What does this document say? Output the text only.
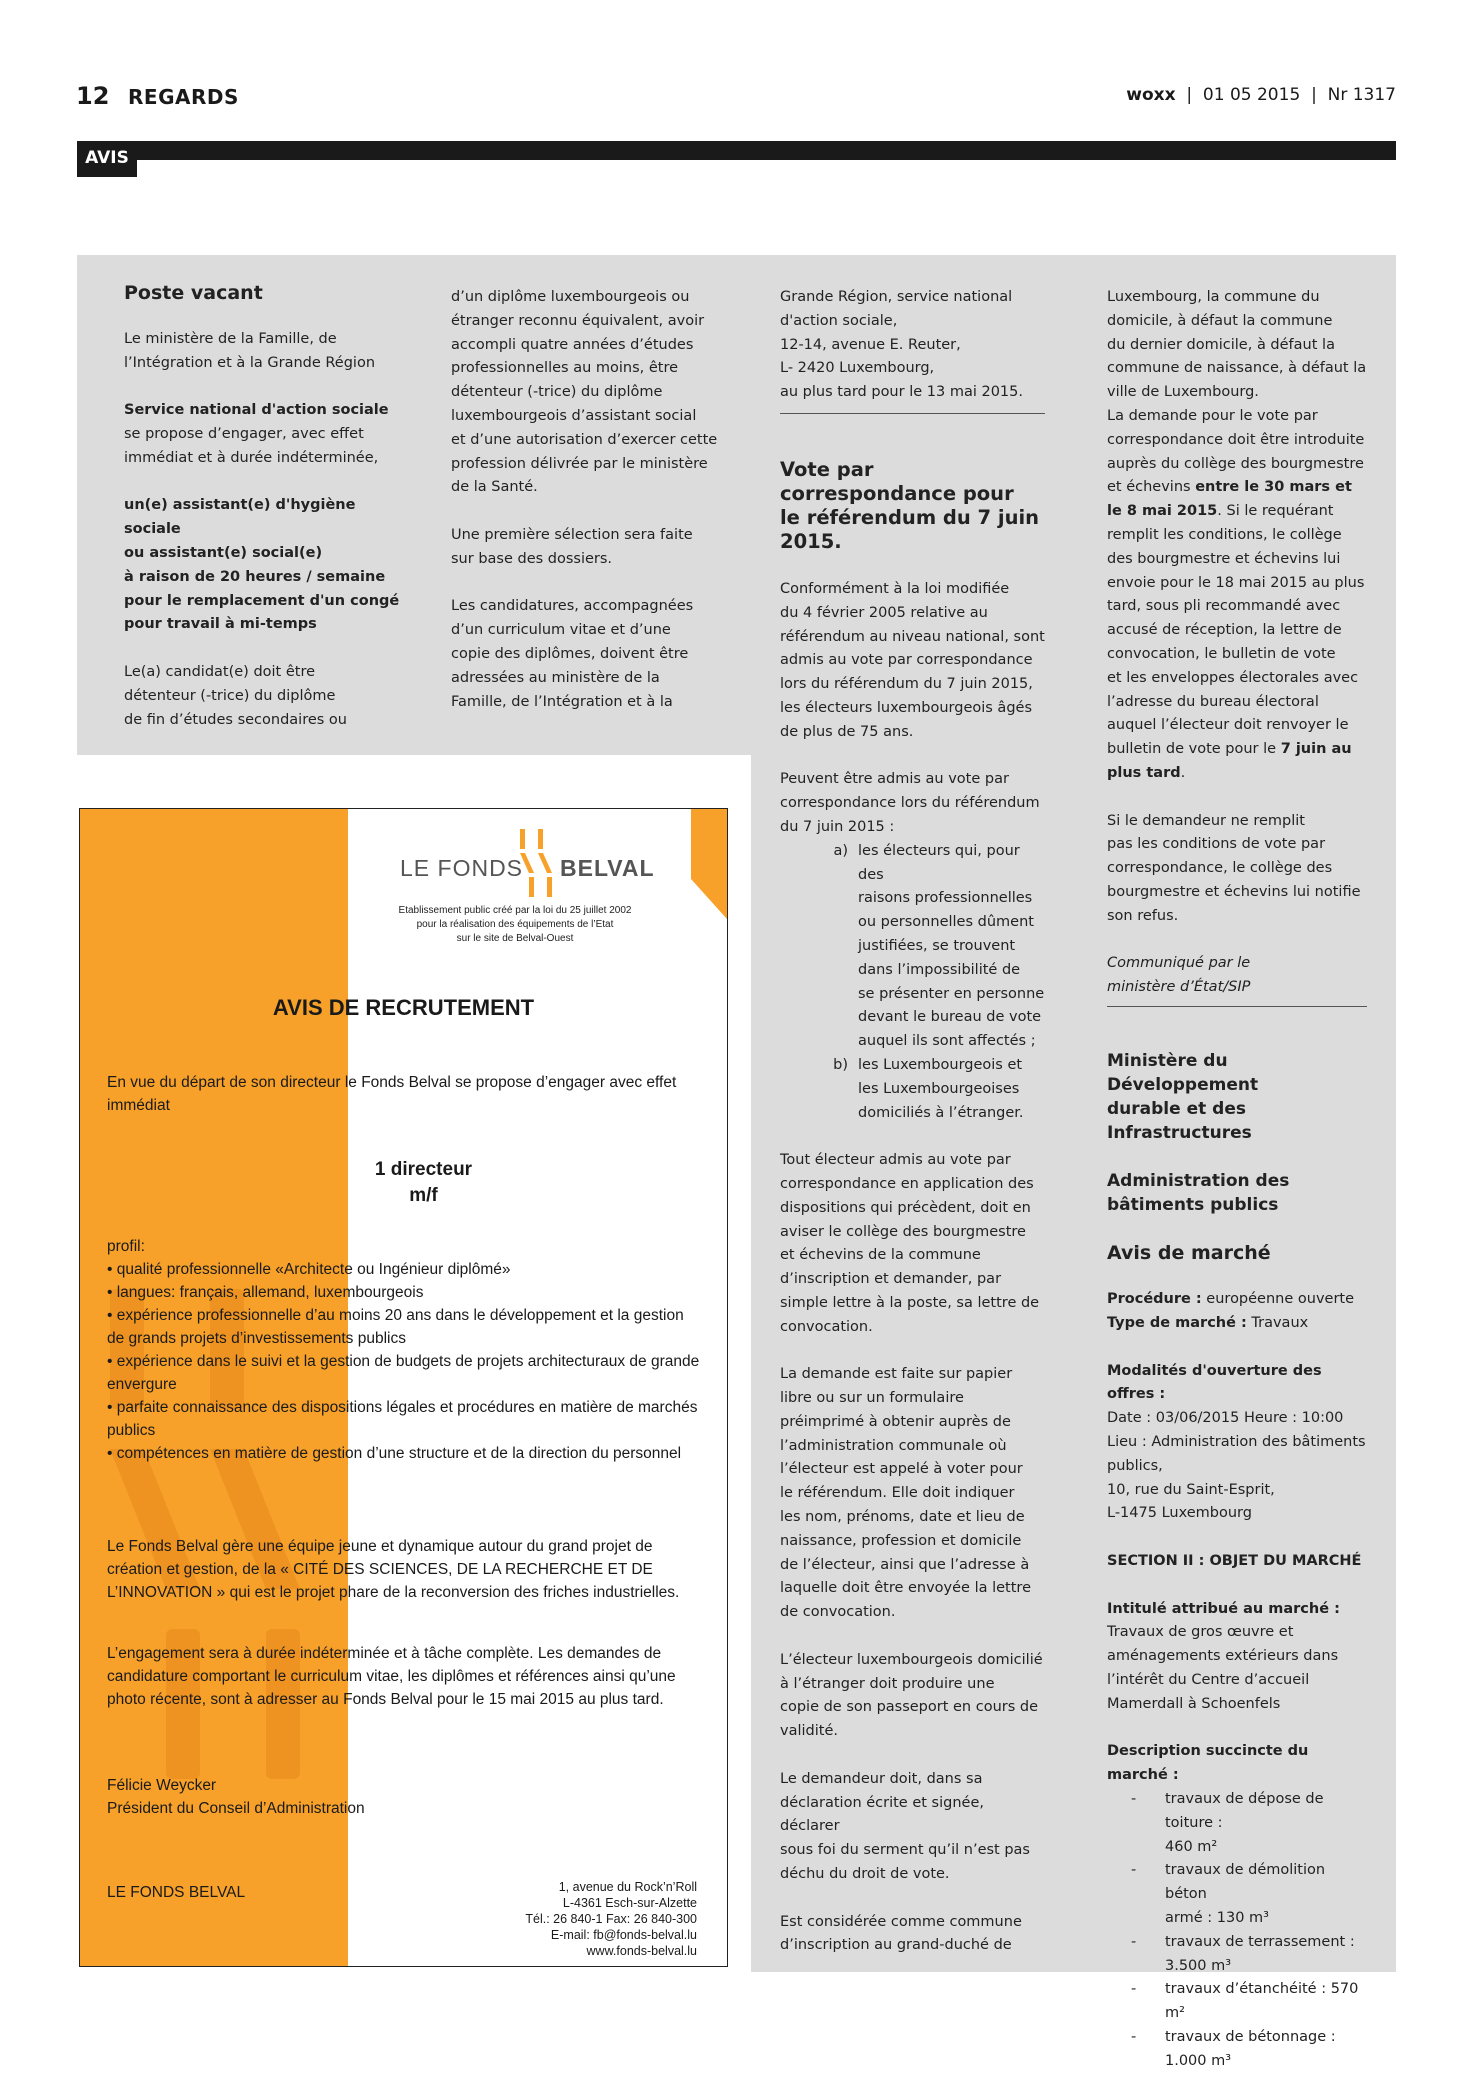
12 REGARDS	woxx  |  01 05 2015  |  Nr 1317
AVIS
Poste vacant

Le ministère de la Famille, de
l’Intégration et à la Grande Région

Service national d'action sociale
se propose d’engager, avec effet
immédiat et à durée indéterminée,

un(e) assistant(e) d'hygiène sociale
ou assistant(e) social(e)
à raison de 20 heures / semaine
pour le remplacement d'un congé
pour travail à mi-temps

Le(a) candidat(e) doit être
détenteur (-trice) du diplôme
de fin d’études secondaires ou

d’un diplôme luxembourgeois ou
étranger reconnu équivalent, avoir
accompli quatre années d’études
professionnelles au moins, être
détenteur (-trice) du diplôme
luxembourgeois d’assistant social
et d’une autorisation d’exercer cette
profession délivrée par le ministère
de la Santé.

Une première sélection sera faite
sur base des dossiers.

Les candidatures, accompagnées
d’un curriculum vitae et d’une
copie des diplômes, doivent être
adressées au ministère de la
Famille, de l’Intégration et à la

Grande Région, service national
d'action sociale,
12-14, avenue E. Reuter,
L- 2420 Luxembourg,
au plus tard pour le 13 mai 2015.

Vote par
correspondance pour
le référendum du 7 juin
2015.

Conformément à la loi modifiée
du 4 février 2005 relative au
référendum au niveau national, sont
admis au vote par correspondance
lors du référendum du 7 juin 2015,
les électeurs luxembourgeois âgés
de plus de 75 ans.

Peuvent être admis au vote par
correspondance lors du référendum
du 7 juin 2015 :

a) les électeurs qui, pour des
raisons professionnelles
ou personnelles dûment
justifiées, se trouvent
dans l’impossibilité de
se présenter en personne
devant le bureau de vote
auquel ils sont affectés ;
b) les Luxembourgeois et
les Luxembourgeoises
domiciliés à l’étranger.

Tout électeur admis au vote par
correspondance en application des
dispositions qui précèdent, doit en
aviser le collège des bourgmestre
et échevins de la commune
d’inscription et demander, par
simple lettre à la poste, sa lettre de
convocation.

La demande est faite sur papier
libre ou sur un formulaire
préimprimé à obtenir auprès de
l’administration communale où
l’électeur est appelé à voter pour
le référendum. Elle doit indiquer
les nom, prénoms, date et lieu de
naissance, profession et domicile
de l’électeur, ainsi que l’adresse à
laquelle doit être envoyée la lettre
de convocation.

L’électeur luxembourgeois domicilié
à l’étranger doit produire une
copie de son passeport en cours de
validité.

Le demandeur doit, dans sa
déclaration écrite et signée, déclarer
sous foi du serment qu’il n’est pas
déchu du droit de vote.

Est considérée comme commune
d’inscription au grand-duché de

Luxembourg, la commune du
domicile, à défaut la commune
du dernier domicile, à défaut la
commune de naissance, à défaut la
ville de Luxembourg.
La demande pour le vote par
correspondance doit être introduite
auprès du collège des bourgmestre
et échevins entre le 30 mars et
le 8 mai 2015. Si le requérant
remplit les conditions, le collège
des bourgmestre et échevins lui
envoie pour le 18 mai 2015 au plus
tard, sous pli recommandé avec
accusé de réception, la lettre de
convocation, le bulletin de vote
et les enveloppes électorales avec
l’adresse du bureau électoral
auquel l’électeur doit renvoyer le
bulletin de vote pour le 7 juin au
plus tard.

Si le demandeur ne remplit
pas les conditions de vote par
correspondance, le collège des
bourgmestre et échevins lui notifie
son refus.

Communiqué par le
ministère d’État/SIP

Ministère du Développement
durable et des Infrastructures
Administration des
bâtiments publics
Avis de marché

Procédure : européenne ouverte
Type de marché : Travaux

Modalités d'ouverture des offres :
Date : 03/06/2015 Heure : 10:00
Lieu : Administration des bâtiments
publics,
10, rue du Saint-Esprit,
L-1475 Luxembourg

SECTION II : OBJET DU MARCHÉ

Intitulé attribué au marché :
Travaux de gros œuvre et
aménagements extérieurs dans
l’intérêt du Centre d’accueil
Mamerdall à Schoenfels

Description succincte du marché :

-	travaux de dépose de toiture :
460 m²
-	travaux de démolition béton
armé : 130 m³
-	travaux de terrassement :
3.500 m³
-	travaux d’étanchéité : 570 m²
-	travaux de bétonnage :
1.000 m³
LE FONDS BELVAL
Etablissement public créé par la loi du 25 juillet 2002
pour la réalisation des équipements de l’Etat
sur le site de Belval-Ouest
AVIS DE RECRUTEMENT

En vue du départ de son directeur le Fonds Belval se propose d’engager avec effet immédiat

1 directeur
m/f

profil:

• qualité professionnelle «Architecte ou Ingénieur diplômé»

• langues: français, allemand, luxembourgeois

• expérience professionnelle d’au moins 20 ans dans le développement et la gestion de grands projets d’investissements publics

• expérience dans le suivi et la gestion de budgets de projets architecturaux de grande envergure

• parfaite connaissance des dispositions légales et procédures en matière de marchés publics

• compétences en matière de gestion d’une structure et de la direction du personnel

Le Fonds Belval gère une équipe jeune et dynamique autour du grand projet de création et gestion, de la « CITÉ DES SCIENCES, DE LA RECHERCHE ET DE L’INNOVATION » qui est le projet phare de la reconversion des friches industrielles.

L’engagement sera à durée indéterminée et à tâche complète. Les demandes de candidature comportant le curriculum vitae, les diplômes et références ainsi qu’une photo récente, sont à adresser au Fonds Belval pour le 15 mai 2015 au plus tard.

Félicie Weycker

Président du Conseil d’Administration

LE FONDS BELVAL	1, avenue du Rock’n’Roll
L-4361 Esch-sur-Alzette
Tél.: 26 840-1 Fax: 26 840-300
E-mail: fb@fonds-belval.lu
www.fonds-belval.lu
